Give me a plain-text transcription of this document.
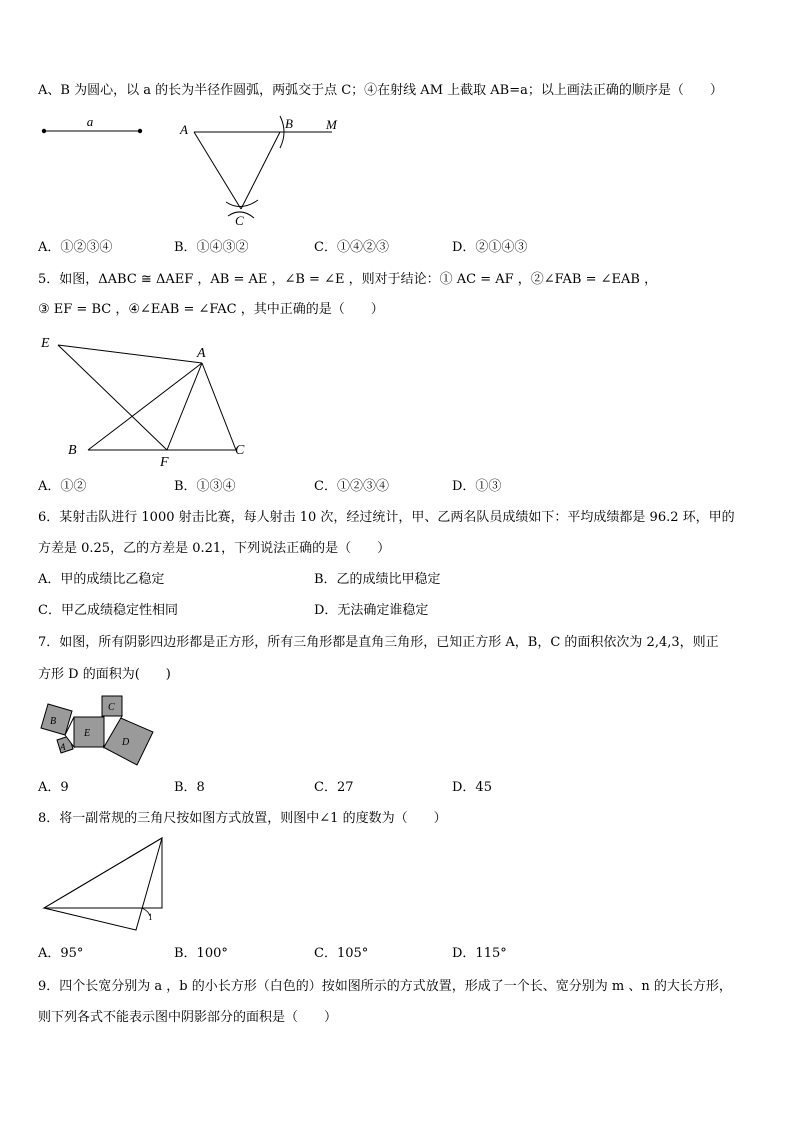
A、B 为圆心，以 a 的长为半径作圆弧，两弧交于点 C；④在射线 AM 上截取 AB=a；以上画法正确的顺序是（　　）
a
A	B	M
C
A．①②③④	B．①④③②	C．①④②③	D．②①④③
5．如图，ΔABC ≅ ΔAEF ，AB = AE ，∠B = ∠E ，则对于结论：① AC = AF ，②∠FAB = ∠EAB ，
③ EF = BC ，④∠EAB = ∠FAC ，其中正确的是（　　）
E
A
B
F
C
A．①②	B．①③④	C．①②③④	D．①③
6．某射击队进行 1000 射击比赛，每人射击 10 次，经过统计，甲、乙两名队员成绩如下：平均成绩都是 96.2 环，甲的
方差是 0.25，乙的方差是 0.21，下列说法正确的是（　　）
A．甲的成绩比乙稳定	B．乙的成绩比甲稳定
C．甲乙成绩稳定性相同	D．无法确定谁稳定
7．如图，所有阴影四边形都是正方形，所有三角形都是直角三角形，已知正方形 A，B，C 的面积依次为 2,4,3，则正
方形 D 的面积为(　　)
B
A
E
C
D
A．9	B．8	C．27	D．45
8．将一副常规的三角尺按如图方式放置，则图中∠1 的度数为（　　）
1
A．95°	B．100°	C．105°	D．115°
9．四个长宽分别为 a ，b 的小长方形（白色的）按如图所示的方式放置，形成了一个长、宽分别为 m 、n 的大长方形，
则下列各式不能表示图中阴影部分的面积是（　　）
